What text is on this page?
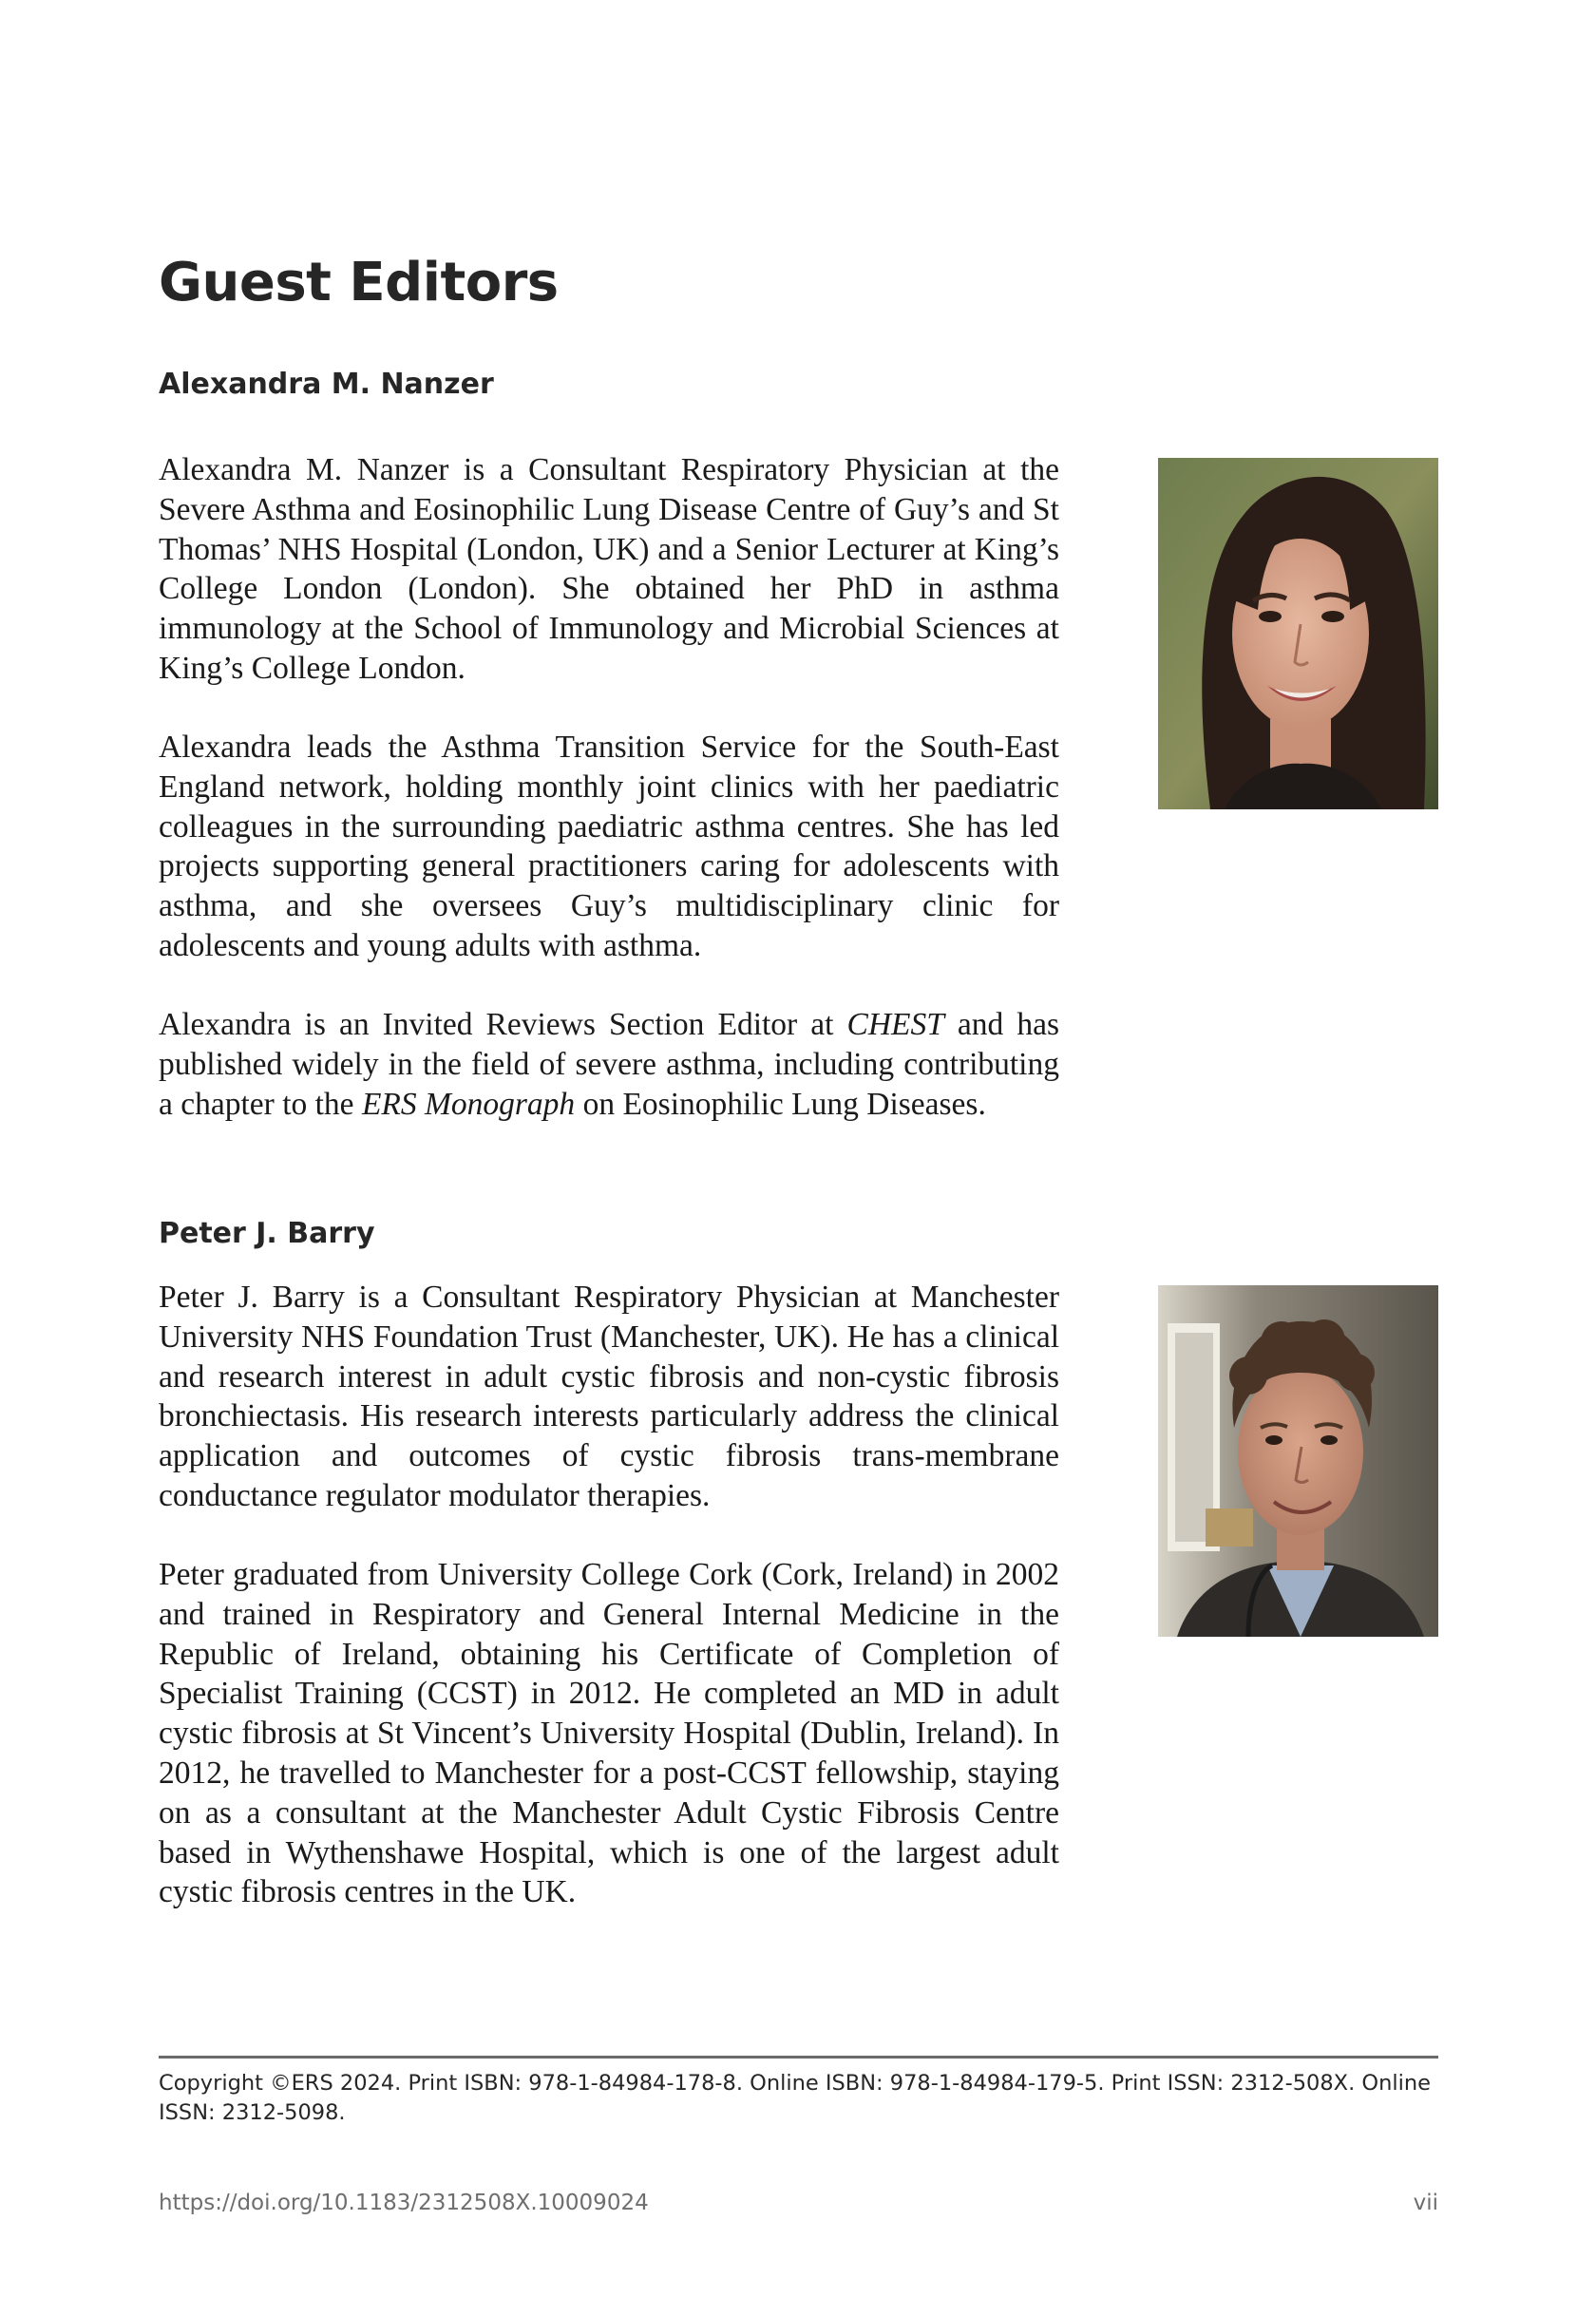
Guest Editors
Alexandra M. Nanzer

Alexandra M. Nanzer is a Consultant Respiratory Physician at the Severe Asthma and Eosinophilic Lung Disease Centre of Guy’s and St Thomas’ NHS Hospital (London, UK) and a Senior Lecturer at King’s College London (London). She obtained her PhD in asthma immunology at the School of Immunology and Microbial Sciences at King’s College London.

Alexandra leads the Asthma Transition Service for the South-East England network, holding monthly joint clinics with her paediatric colleagues in the surrounding paediatric asthma centres. She has led projects supporting general practitioners caring for adolescents with asthma, and she oversees Guy’s multidisciplinary clinic for adolescents and young adults with asthma.

Alexandra is an Invited Reviews Section Editor at CHEST and has published widely in the field of severe asthma, including contributing a chapter to the ERS Monograph on Eosinophilic Lung Diseases.

Peter J. Barry

Peter J. Barry is a Consultant Respiratory Physician at Manchester University NHS Foundation Trust (Manchester, UK). He has a clinical and research interest in adult cystic fibrosis and non-cystic fibrosis bronchiectasis. His research interests particularly address the clinical application and outcomes of cystic fibrosis trans-membrane conductance regulator modulator therapies.

Peter graduated from University College Cork (Cork, Ireland) in 2002 and trained in Respiratory and General Internal Medicine in the Republic of Ireland, obtaining his Certificate of Completion of Specialist Training (CCST) in 2012. He completed an MD in adult cystic fibrosis at St Vincent’s University Hospital (Dublin, Ireland). In 2012, he travelled to Manchester for a post-CCST fellowship, staying on as a consultant at the Manchester Adult Cystic Fibrosis Centre based in Wythenshawe Hospital, which is one of the largest adult cystic fibrosis centres in the UK.

Copyright ©ERS 2024. Print ISBN: 978-1-84984-178-8. Online ISBN: 978-1-84984-179-5. Print ISSN: 2312-508X. Online ISSN: 2312-5098.

https://doi.org/10.1183/2312508X.10009024	vii
